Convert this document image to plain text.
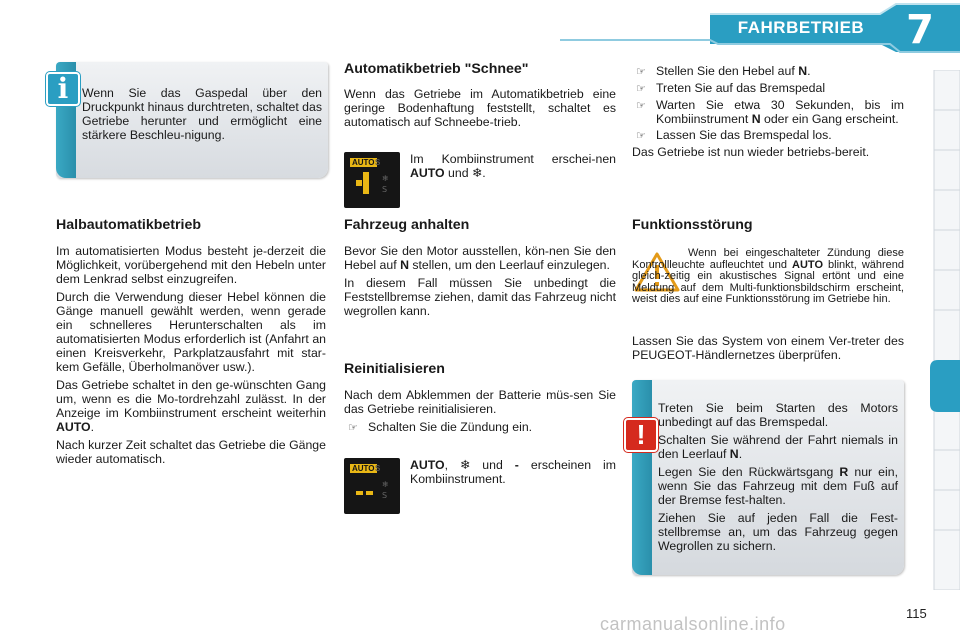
FAHRBETRIEB 7
i	Wenn Sie das Gaspedal über den Druckpunkt hinaus durchtreten, schaltet das Getriebe herunter und ermöglicht eine stärkere Beschleu-nigung.

Halbautomatikbetrieb

Im automatisierten Modus besteht je-derzeit die Möglichkeit, vorübergehend mit den Hebeln unter dem Lenkrad selbst einzugreifen.

Durch die Verwendung dieser Hebel können die Gänge manuell gewählt werden, wenn gerade ein schnelleres Herunterschalten als im automatisierten Modus erforderlich ist (Anfahrt an einen Kreisverkehr, Parkplatzausfahrt mit star-kem Gefälle, Überholmanöver usw.).

Das Getriebe schaltet in den ge-wünschten Gang um, wenn es die Mo-tordrehzahl zulässt. In der Anzeige im Kombiinstrument erscheint weiterhin AUTO.

Nach kurzer Zeit schaltet das Getriebe die Gänge wieder automatisch.

Automatikbetrieb "Schnee"

Wenn das Getriebe im Automatikbetrieb eine geringe Bodenhaftung feststellt, schaltet es automatisch auf Schneebe-trieb.

AUTO S
❄
S

Im Kombiinstrument erschei-nen AUTO und ❄.

Fahrzeug anhalten

Bevor Sie den Motor ausstellen, kön-nen Sie den Hebel auf N stellen, um den Leerlauf einzulegen.

In diesem Fall müssen Sie unbedingt die Feststellbremse ziehen, damit das Fahrzeug nicht wegrollen kann.

Reinitialisieren

Nach dem Abklemmen der Batterie müs-sen Sie das Getriebe reinitialisieren.

☞ Schalten Sie die Zündung ein.
AUTO S
❄
S

AUTO, ❄ und - erscheinen im Kombiinstrument.

☞ Stellen Sie den Hebel auf N.
☞ Treten Sie auf das Bremspedal
☞ Warten Sie etwa 30 Sekunden, bis im Kombiinstrument N oder ein Gang erscheint.
☞ Lassen Sie das Bremspedal los.

Das Getriebe ist nun wieder betriebs-bereit.

Funktionsstörung

Wenn bei eingeschalteter Zündung diese Kontrollleuchte aufleuchtet und AUTO blinkt, während gleich-zeitig ein akustisches Signal ertönt und eine Meldung auf dem Multi-funktionsbildschirm erscheint, weist dies auf eine Funktionsstörung im Getriebe hin.

Lassen Sie das System von einem Ver-treter des PEUGEOT-Händlernetzes überprüfen.

!

Treten Sie beim Starten des Motors unbedingt auf das Bremspedal.

Schalten Sie während der Fahrt niemals in den Leerlauf N.

Legen Sie den Rückwärtsgang R nur ein, wenn Sie das Fahrzeug mit dem Fuß auf der Bremse fest-halten.

Ziehen Sie auf jeden Fall die Fest-stellbremse an, um das Fahrzeug gegen Wegrollen zu sichern.

115
carmanualsonline.info
